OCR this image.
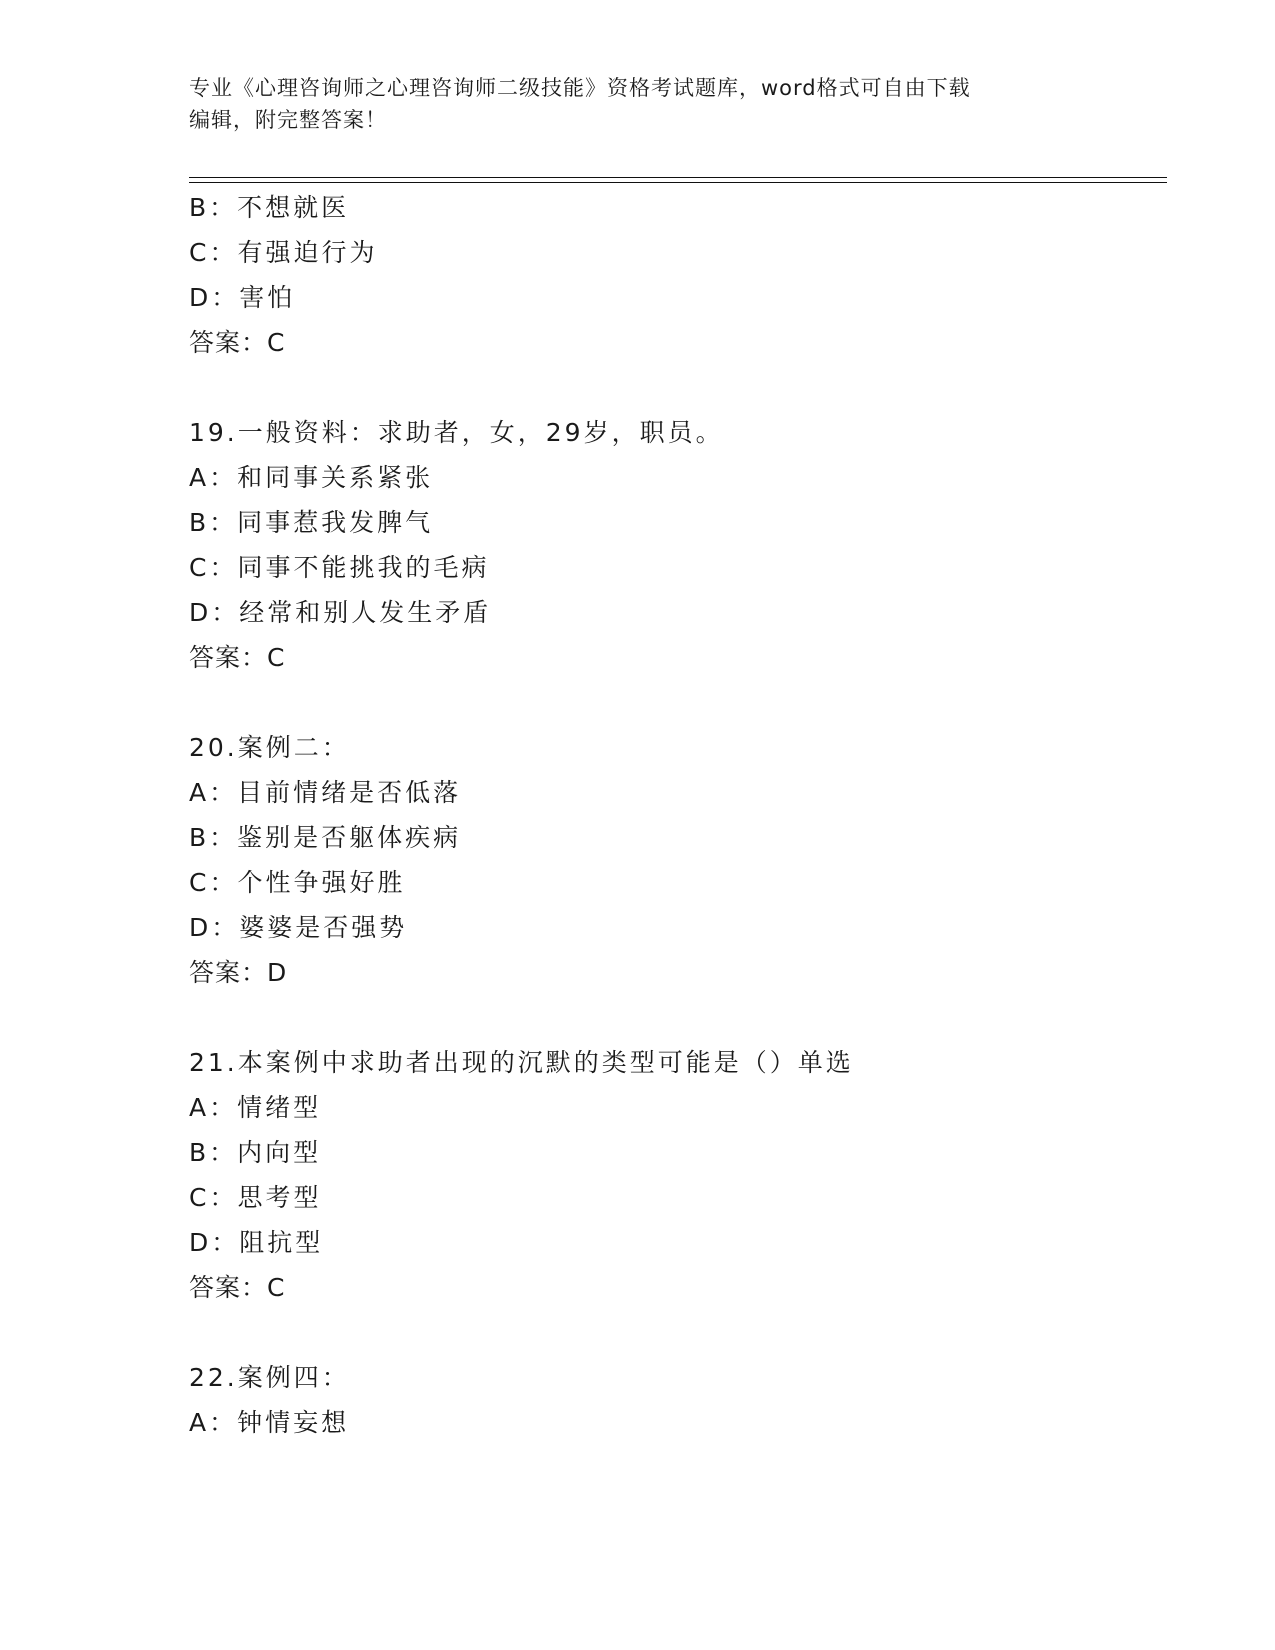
专业《心理咨询师之心理咨询师二级技能》资格考试题库，word格式可自由下载
编辑，附完整答案！
B：不想就医
C：有强迫行为
D：害怕
答案：C
19.一般资料：求助者，女，29岁，职员。
A：和同事关系紧张
B：同事惹我发脾气
C：同事不能挑我的毛病
D：经常和别人发生矛盾
答案：C
20.案例二：
A：目前情绪是否低落
B：鉴别是否躯体疾病
C：个性争强好胜
D：婆婆是否强势
答案：D
21.本案例中求助者出现的沉默的类型可能是（）单选
A：情绪型
B：内向型
C：思考型
D：阻抗型
答案：C
22.案例四：
A：钟情妄想
